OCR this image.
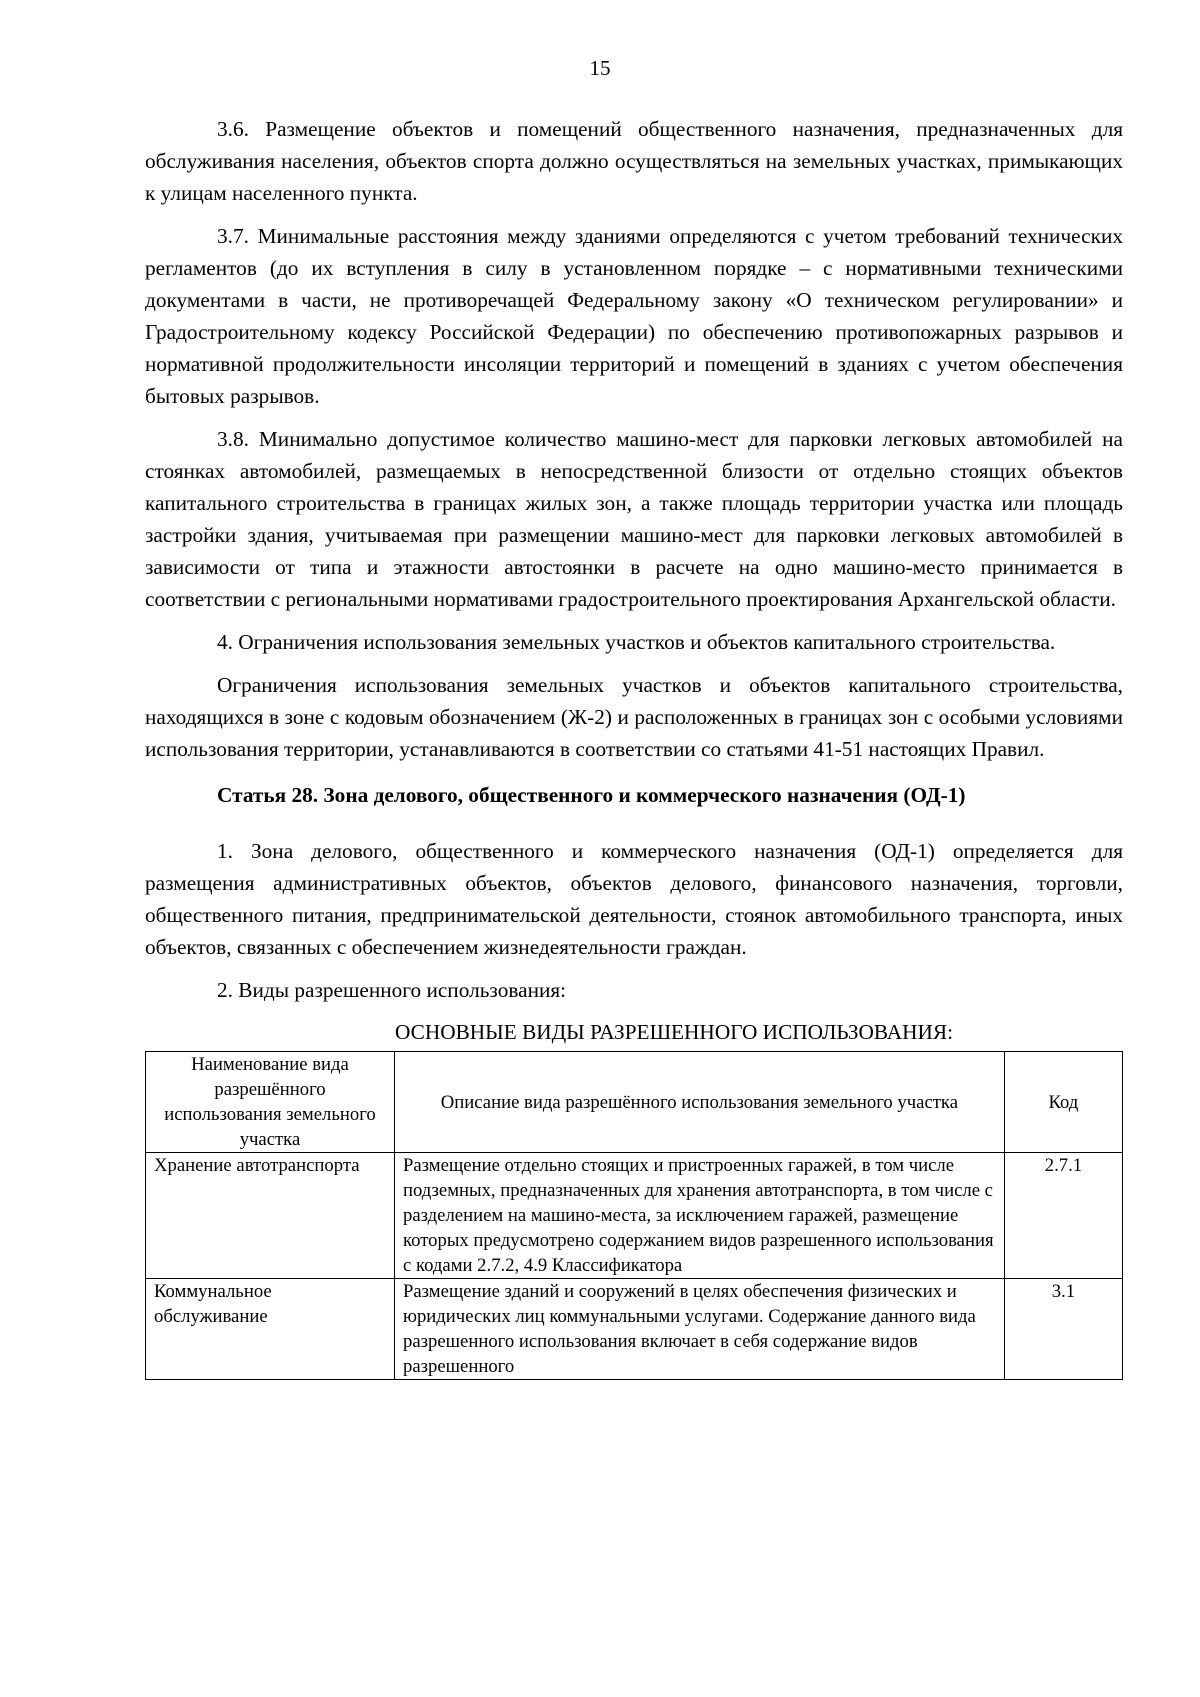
15

3.6. Размещение объектов и помещений общественного назначения, предназначенных для обслуживания населения, объектов спорта должно осуществляться на земельных участках, примыкающих к улицам населенного пункта.

3.7. Минимальные расстояния между зданиями определяются с учетом требований технических регламентов (до их вступления в силу в установленном порядке – с нормативными техническими документами в части, не противоречащей Федеральному закону «О техническом регулировании» и Градостроительному кодексу Российской Федерации) по обеспечению противопожарных разрывов и нормативной продолжительности инсоляции территорий и помещений в зданиях с учетом обеспечения бытовых разрывов.

3.8. Минимально допустимое количество машино-мест для парковки легковых автомобилей на стоянках автомобилей, размещаемых в непосредственной близости от отдельно стоящих объектов капитального строительства в границах жилых зон, а также площадь территории участка или площадь застройки здания, учитываемая при размещении машино-мест для парковки легковых автомобилей в зависимости от типа и этажности автостоянки в расчете на одно машино-место принимается в соответствии с региональными нормативами градостроительного проектирования Архангельской области.

4. Ограничения использования земельных участков и объектов капитального строительства.

Ограничения использования земельных участков и объектов капитального строительства, находящихся в зоне с кодовым обозначением (Ж-2) и расположенных в границах зон с особыми условиями использования территории, устанавливаются в соответствии со статьями 41-51 настоящих Правил.

Статья 28. Зона делового, общественного и коммерческого назначения (ОД-1)

1. Зона делового, общественного и коммерческого назначения (ОД-1) определяется для размещения административных объектов, объектов делового, финансового назначения, торговли, общественного питания, предпринимательской деятельности, стоянок автомобильного транспорта, иных объектов, связанных с обеспечением жизнедеятельности граждан.

2. Виды разрешенного использования:

ОСНОВНЫЕ ВИДЫ РАЗРЕШЕННОГО ИСПОЛЬЗОВАНИЯ:
Наименование вида разрешённого использования земельного участка	Описание вида разрешённого использования земельного участка	Код
Хранение автотранспорта	Размещение отдельно стоящих и пристроенных гаражей, в том числе подземных, предназначенных для хранения автотранспорта, в том числе с разделением на машино-места, за исключением гаражей, размещение которых предусмотрено содержанием видов разрешенного использования с кодами 2.7.2, 4.9 Классификатора	2.7.1
Коммунальное обслуживание	Размещение зданий и сооружений в целях обеспечения физических и юридических лиц коммунальными услугами. Содержание данного вида разрешенного использования включает в себя содержание видов разрешенного	3.1
